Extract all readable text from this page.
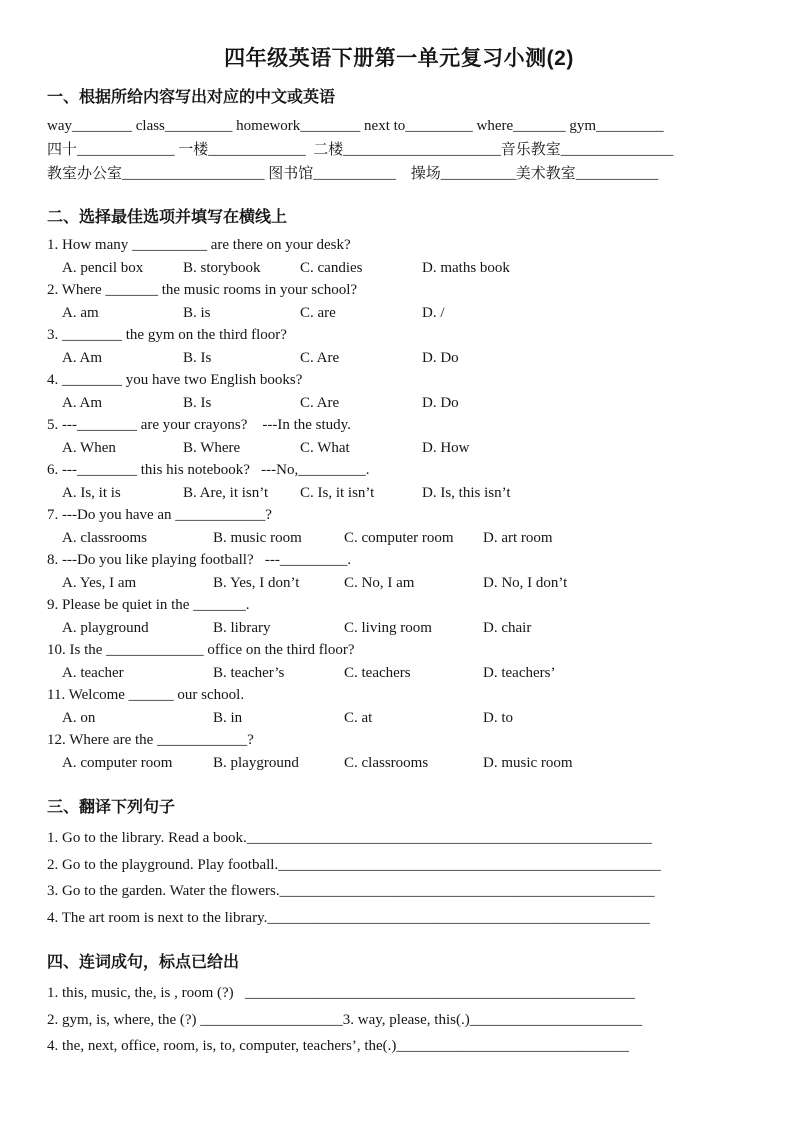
四年级英语下册第一单元复习小测(2)
一、根据所给内容写出对应的中文或英语

way________ class_________ homework________ next to_________ where_______ gym_________

四十_____________ 一楼_____________  二楼_____________________音乐教室_______________

教室办公室___________________ 图书馆___________    操场__________美术教室___________

二、选择最佳选项并填写在横线上

1. How many __________ are there on your desk?

A. pencil box	B. storybook	C. candies	D. maths book

2. Where _______ the music rooms in your school?

A. am	B. is	C. are	D. /

3. ________ the gym on the third floor?

A. Am	B. Is	C. Are	D. Do

4. ________ you have two English books?

A. Am	B. Is	C. Are	D. Do

5. ---________ are your crayons?    ---In the study.

A. When	B. Where	C. What	D. How

6. ---________ this his notebook?   ---No,_________.

A. Is, it is	B. Are, it isn’t	C. Is, it isn’t	D. Is, this isn’t

7. ---Do you have an ____________?

A. classrooms	B. music room	C. computer room	D. art room

8. ---Do you like playing football?   ---_________.

A. Yes, I am	B. Yes, I don’t	C. No, I am	D. No, I don’t

9. Please be quiet in the _______.

A. playground	B. library	C. living room	D. chair

10. Is the _____________ office on the third floor?

A. teacher	B. teacher’s	C. teachers	D. teachers’

11. Welcome ______ our school.

A. on	B. in	C. at	D. to

12. Where are the ____________?

A. computer room	B. playground	C. classrooms	D. music room
三、翻译下列句子

1. Go to the library. Read a book.______________________________________________________

2. Go to the playground. Play football.___________________________________________________

3. Go to the garden. Water the flowers.__________________________________________________

4. The art room is next to the library.___________________________________________________

四、连词成句，标点已给出

1. this, music, the, is , room (?)   ____________________________________________________

2. gym, is, where, the (?) ___________________3. way, please, this(.)_______________________

4. the, next, office, room, is, to, computer, teachers’, the(.)_______________________________
